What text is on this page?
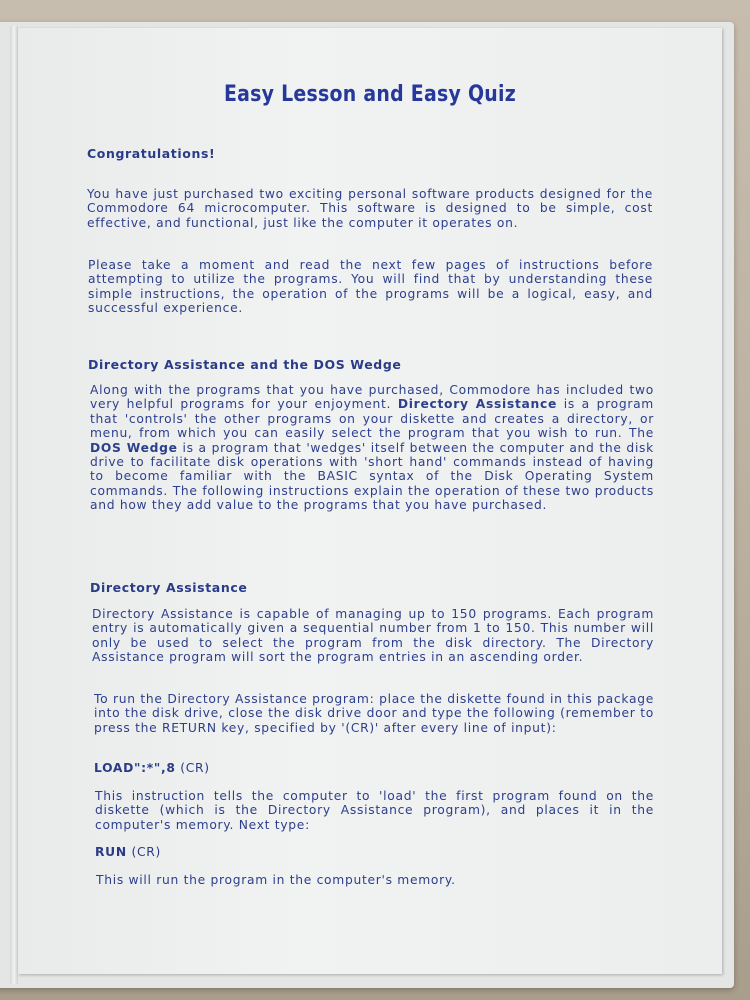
Easy Lesson and Easy Quiz

Congratulations!

You have just purchased two exciting personal software products designed for the Commodore 64 microcomputer. This software is designed to be simple, cost effective, and functional, just like the computer it operates on.

Please take a moment and read the next few pages of instructions before attempting to utilize the programs. You will find that by understanding these simple instructions, the operation of the programs will be a logical, easy, and successful experience.

Directory Assistance and the DOS Wedge

Along with the programs that you have purchased, Commodore has included two very helpful programs for your enjoyment. Directory Assistance is a program that 'controls' the other programs on your diskette and creates a directory, or menu, from which you can easily select the program that you wish to run. The DOS Wedge is a program that 'wedges' itself between the computer and the disk drive to facilitate disk operations with 'short hand' commands instead of having to become familiar with the BASIC syntax of the Disk Operating System commands. The following instructions explain the operation of these two products and how they add value to the programs that you have purchased.

Directory Assistance

Directory Assistance is capable of managing up to 150 programs. Each program entry is automatically given a sequential number from 1 to 150. This number will only be used to select the program from the disk directory. The Directory Assistance program will sort the program entries in an ascending order.

To run the Directory Assistance program: place the diskette found in this package into the disk drive, close the disk drive door and type the following (remember to press the RETURN key, specified by '(CR)' after every line of input):

LOAD":*",8 (CR)

This instruction tells the computer to 'load' the first program found on the diskette (which is the Directory Assistance program), and places it in the computer's memory. Next type:

RUN (CR)

This will run the program in the computer's memory.
